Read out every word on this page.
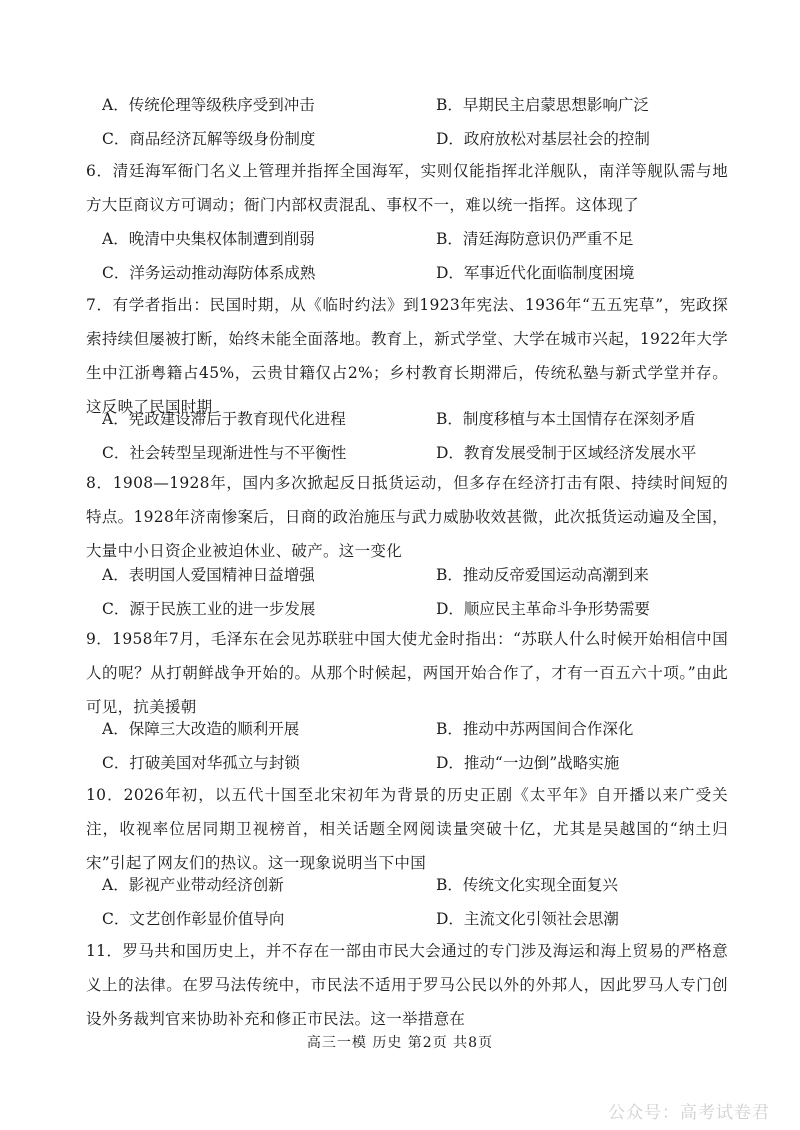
A．传统伦理等级秩序受到冲击	B．早期民主启蒙思想影响广泛
C．商品经济瓦解等级身份制度	D．政府放松对基层社会的控制
6．清廷海军衙门名义上管理并指挥全国海军，实则仅能指挥北洋舰队，南洋等舰队需与地方大臣商议方可调动；衙门内部权责混乱、事权不一，难以统一指挥。这体现了
A．晚清中央集权体制遭到削弱	B．清廷海防意识仍严重不足
C．洋务运动推动海防体系成熟	D．军事近代化面临制度困境
7．有学者指出：民国时期，从《临时约法》到1923年宪法、1936年“五五宪草”，宪政探索持续但屡被打断，始终未能全面落地。教育上，新式学堂、大学在城市兴起，1922年大学生中江浙粤籍占45%，云贵甘籍仅占2%；乡村教育长期滞后，传统私塾与新式学堂并存。这反映了民国时期
A．宪政建设滞后于教育现代化进程	B．制度移植与本土国情存在深刻矛盾
C．社会转型呈现渐进性与不平衡性	D．教育发展受制于区域经济发展水平
8．1908—1928年，国内多次掀起反日抵货运动，但多存在经济打击有限、持续时间短的特点。1928年济南惨案后，日商的政治施压与武力威胁收效甚微，此次抵货运动遍及全国，大量中小日资企业被迫休业、破产。这一变化
A．表明国人爱国精神日益增强	B．推动反帝爱国运动高潮到来
C．源于民族工业的进一步发展	D．顺应民主革命斗争形势需要
9．1958年7月，毛泽东在会见苏联驻中国大使尤金时指出：“苏联人什么时候开始相信中国人的呢？从打朝鲜战争开始的。从那个时候起，两国开始合作了，才有一百五六十项。”由此可见，抗美援朝
A．保障三大改造的顺利开展	B．推动中苏两国间合作深化
C．打破美国对华孤立与封锁	D．推动“一边倒”战略实施
10．2026年初，以五代十国至北宋初年为背景的历史正剧《太平年》自开播以来广受关注，收视率位居同期卫视榜首，相关话题全网阅读量突破十亿，尤其是吴越国的“纳土归宋”引起了网友们的热议。这一现象说明当下中国
A．影视产业带动经济创新	B．传统文化实现全面复兴
C．文艺创作彰显价值导向	D．主流文化引领社会思潮
11．罗马共和国历史上，并不存在一部由市民大会通过的专门涉及海运和海上贸易的严格意义上的法律。在罗马法传统中，市民法不适用于罗马公民以外的外邦人，因此罗马人专门创设外务裁判官来协助补充和修正市民法。这一举措意在
高三一模 历史 第2页 共8页
公众号：高考试卷君
